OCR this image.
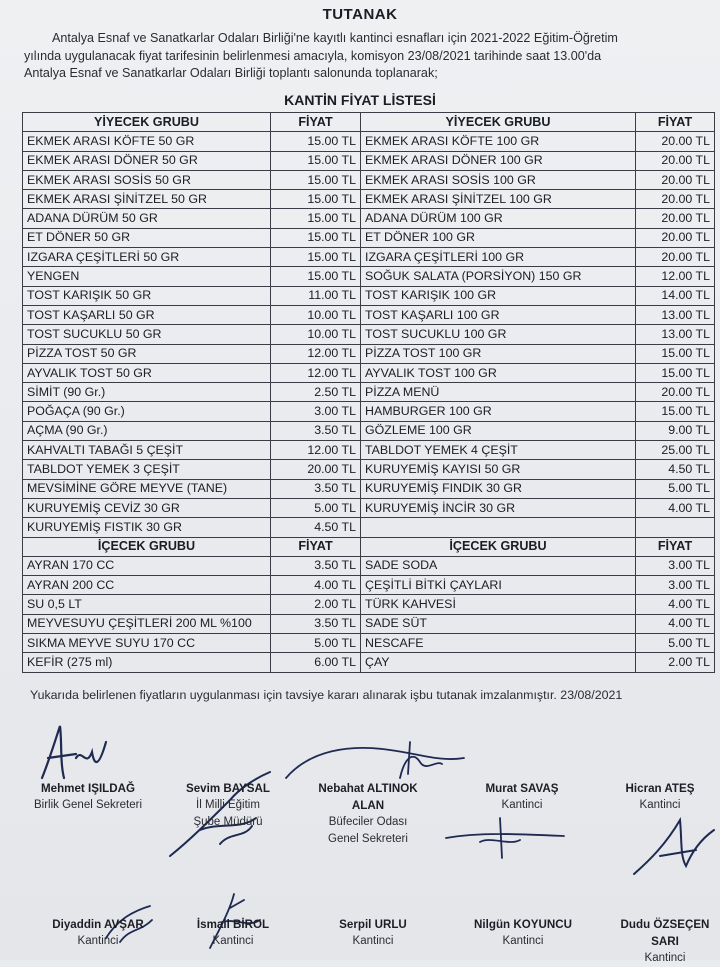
TUTANAK
Antalya Esnaf ve Sanatkarlar Odaları Birliği'ne kayıtlı kantinci esnafları için 2021-2022 Eğitim-Öğretim
yılında uygulanacak fiyat tarifesinin belirlenmesi amacıyla, komisyon 23/08/2021 tarihinde saat 13.00'da
Antalya Esnaf ve Sanatkarlar Odaları Birliği toplantı salonunda toplanarak;
KANTİN FİYAT LİSTESİ
YİYECEK GRUBU	FİYAT	YİYECEK GRUBU	FİYAT
EKMEK ARASI KÖFTE 50 GR	15.00 TL	EKMEK ARASI KÖFTE 100 GR	20.00 TL
EKMEK ARASI DÖNER 50 GR	15.00 TL	EKMEK ARASI DÖNER 100 GR	20.00 TL
EKMEK ARASI SOSİS 50 GR	15.00 TL	EKMEK ARASI SOSİS 100 GR	20.00 TL
EKMEK ARASI ŞİNİTZEL 50 GR	15.00 TL	EKMEK ARASI ŞİNİTZEL 100 GR	20.00 TL
ADANA DÜRÜM 50 GR	15.00 TL	ADANA DÜRÜM 100 GR	20.00 TL
ET DÖNER 50 GR	15.00 TL	ET DÖNER 100 GR	20.00 TL
IZGARA ÇEŞİTLERİ 50 GR	15.00 TL	IZGARA ÇEŞİTLERİ 100 GR	20.00 TL
YENGEN	15.00 TL	SOĞUK SALATA (PORSİYON) 150 GR	12.00 TL
TOST KARIŞIK 50 GR	11.00 TL	TOST KARIŞIK 100 GR	14.00 TL
TOST KAŞARLI 50 GR	10.00 TL	TOST KAŞARLI 100 GR	13.00 TL
TOST SUCUKLU 50 GR	10.00 TL	TOST SUCUKLU 100 GR	13.00 TL
PİZZA TOST 50 GR	12.00 TL	PİZZA TOST 100 GR	15.00 TL
AYVALIK TOST 50 GR	12.00 TL	AYVALIK TOST 100 GR	15.00 TL
SİMİT (90 Gr.)	2.50 TL	PİZZA MENÜ	20.00 TL
POĞAÇA (90 Gr.)	3.00 TL	HAMBURGER 100 GR	15.00 TL
AÇMA (90 Gr.)	3.50 TL	GÖZLEME 100 GR	9.00 TL
KAHVALTI TABAĞI 5 ÇEŞİT	12.00 TL	TABLDOT YEMEK 4 ÇEŞİT	25.00 TL
TABLDOT YEMEK 3 ÇEŞİT	20.00 TL	KURUYEMİŞ KAYISI 50 GR	4.50 TL
MEVSİMİNE GÖRE MEYVE (TANE)	3.50 TL	KURUYEMİŞ FINDIK 30 GR	5.00 TL
KURUYEMİŞ CEVİZ 30 GR	5.00 TL	KURUYEMİŞ İNCİR 30 GR	4.00 TL
KURUYEMİŞ FISTIK 30 GR	4.50 TL		
İÇECEK GRUBU	FİYAT	İÇECEK GRUBU	FİYAT
AYRAN 170 CC	3.50 TL	SADE SODA	3.00 TL
AYRAN 200 CC	4.00 TL	ÇEŞİTLİ BİTKİ ÇAYLARI	3.00 TL
SU 0,5 LT	2.00 TL	TÜRK KAHVESİ	4.00 TL
MEYVESUYU ÇEŞİTLERİ 200 ML %100	3.50 TL	SADE SÜT	4.00 TL
SIKMA MEYVE SUYU 170 CC	5.00 TL	NESCAFE	5.00 TL
KEFİR (275 ml)	6.00 TL	ÇAY	2.00 TL
Yukarıda belirlenen fiyatların uygulanması için tavsiye kararı alınarak işbu tutanak imzalanmıştır. 23/08/2021
Mehmet IŞILDAĞ
Birlik Genel Sekreteri
Sevim BAYSAL
İl Milli Eğitim
Şube Müdürü
Nebahat ALTINOK ALAN
Büfeciler Odası
Genel Sekreteri
Murat SAVAŞ
Kantinci
Hicran ATEŞ
Kantinci
Diyaddin AVŞAR
Kantinci
İsmail BİROL
Kantinci
Serpil URLU
Kantinci
Nilgün KOYUNCU
Kantinci
Dudu ÖZSEÇEN SARI
Kantinci
